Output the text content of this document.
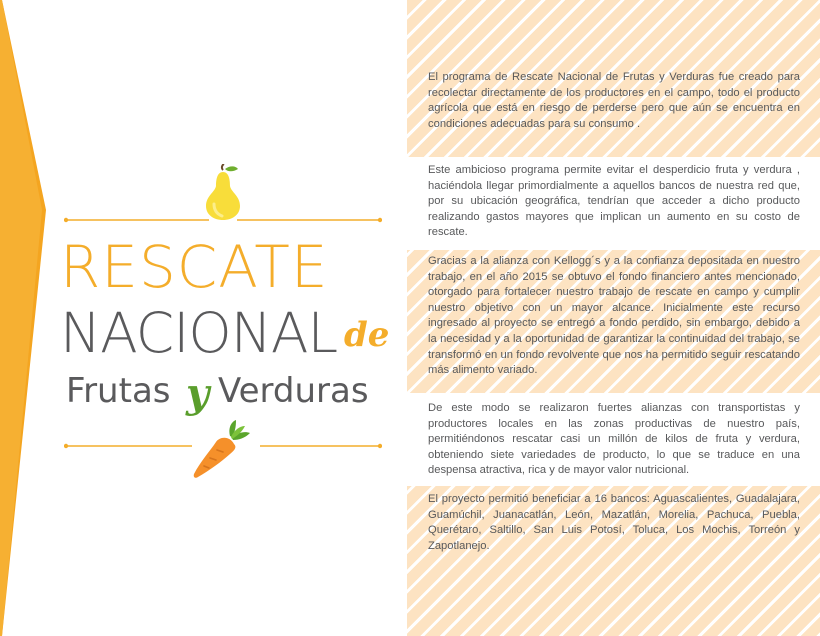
RESCATE
NACIONAL de
Frutas y Verduras

El programa de Rescate Nacional de Frutas y Verduras fue creado para recolectar directamente de los productores en el campo, todo el producto agrícola que está en riesgo de perderse pero que aún se encuentra en condiciones adecuadas para su consumo .

Este ambicioso programa permite evitar el desperdicio fruta y verdura , haciéndola llegar primordialmente a aquellos bancos de nuestra red que, por su ubicación geográfica, tendrían que acceder a dicho producto realizando gastos mayores que implican un aumento en su costo de rescate.

Gracias a la alianza con Kellogg´s y a la confianza depositada en nuestro trabajo, en el año 2015 se obtuvo el fondo financiero antes mencionado, otorgado para fortalecer nuestro trabajo de rescate en campo y cumplir nuestro objetivo con un mayor alcance. Inicialmente este recurso ingresado al proyecto se entregó a fondo perdido, sin embargo, debido a la necesidad y a la oportunidad de garantizar la continuidad del trabajo, se transformó en un fondo revolvente que nos ha permitido seguir rescatando más alimento variado.

De este modo se realizaron fuertes alianzas con transportistas y productores locales en las zonas productivas de nuestro país, permitiéndonos rescatar casi un millón de kilos de fruta y verdura, obteniendo siete variedades de producto, lo que se traduce en una despensa atractiva, rica y de mayor valor nutricional.

El proyecto permitió beneficiar a 16 bancos: Aguascalientes, Guadalajara, Guamúchil, Juanacatlán, León, Mazatlán, Morelia, Pachuca, Puebla, Querétaro, Saltillo, San Luis Potosí, Toluca, Los Mochis, Torreón y Zapotlanejo.
